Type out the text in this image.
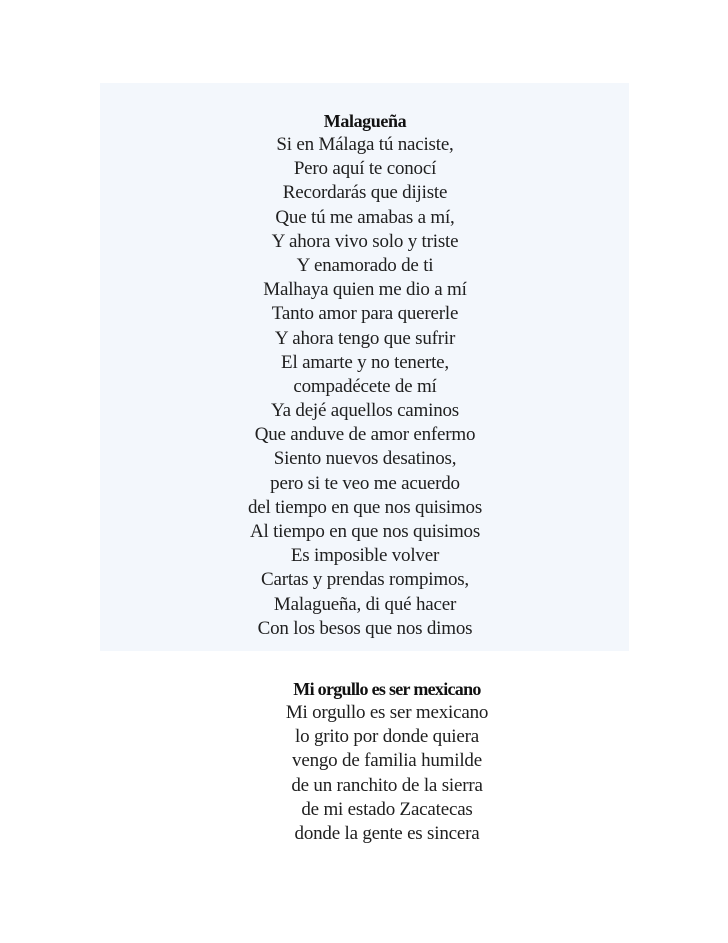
Malagueña
Si en Málaga tú naciste,
Pero aquí te conocí
Recordarás que dijiste
Que tú me amabas a mí,
Y ahora vivo solo y triste
Y enamorado de ti
Malhaya quien me dio a mí
Tanto amor para quererle
Y ahora tengo que sufrir
El amarte y no tenerte,
compadécete de mí
Ya dejé aquellos caminos
Que anduve de amor enfermo
Siento nuevos desatinos,
pero si te veo me acuerdo
del tiempo en que nos quisimos
Al tiempo en que nos quisimos
Es imposible volver
Cartas y prendas rompimos,
Malagueña, di qué hacer
Con los besos que nos dimos
Mi orgullo es ser mexicano
Mi orgullo es ser mexicano
lo grito por donde quiera
vengo de familia humilde
de un ranchito de la sierra
de mi estado Zacatecas
donde la gente es sincera
